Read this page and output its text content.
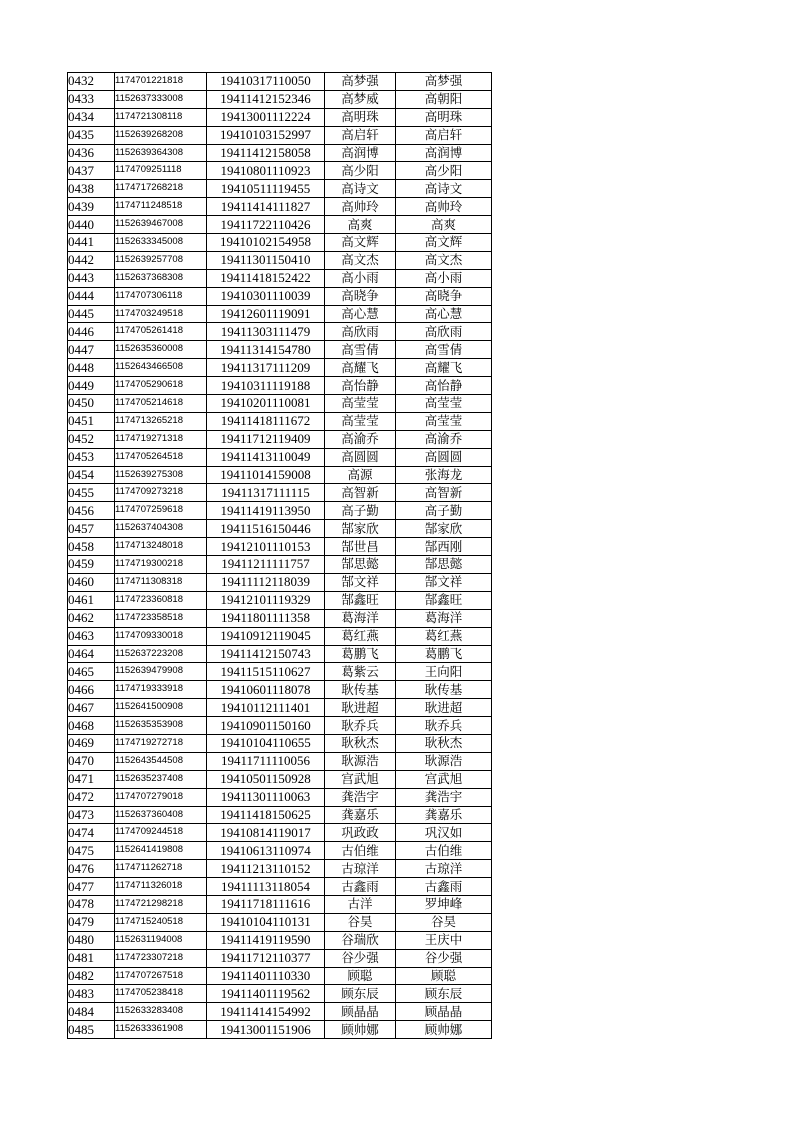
0432	1174701221818	19410317110050	高梦强	高梦强
0433	1152637333008	19411412152346	高梦威	高朝阳
0434	1174721308118	19413001112224	高明珠	高明珠
0435	1152639268208	19410103152997	高启轩	高启轩
0436	1152639364308	19411412158058	高润博	高润博
0437	1174709251118	19410801110923	高少阳	高少阳
0438	1174717268218	19410511119455	高诗文	高诗文
0439	1174711248518	19411414111827	高帅玲	高帅玲
0440	1152639467008	19411722110426	高爽	高爽
0441	1152633345008	19410102154958	高文辉	高文辉
0442	1152639257708	19411301150410	高文杰	高文杰
0443	1152637368308	19411418152422	高小雨	高小雨
0444	1174707306118	19410301110039	高晓争	高晓争
0445	1174703249518	19412601119091	高心慧	高心慧
0446	1174705261418	19411303111479	高欣雨	高欣雨
0447	1152635360008	19411314154780	高雪倩	高雪倩
0448	1152643466508	19411317111209	高耀飞	高耀飞
0449	1174705290618	19410311119188	高怡静	高怡静
0450	1174705214618	19410201110081	高莹莹	高莹莹
0451	1174713265218	19411418111672	高莹莹	高莹莹
0452	1174719271318	19411712119409	高渝乔	高渝乔
0453	1174705264518	19411413110049	高圆圆	高圆圆
0454	1152639275308	19411014159008	高源	张海龙
0455	1174709273218	19411317111115	高智新	高智新
0456	1174707259618	19411419113950	高子勤	高子勤
0457	1152637404308	19411516150446	郜家欣	郜家欣
0458	1174713248018	19412101110153	郜世昌	郜西刚
0459	1174719300218	19411211111757	郜思懿	郜思懿
0460	1174711308318	19411112118039	郜文祥	郜文祥
0461	1174723360818	19412101119329	郜鑫旺	郜鑫旺
0462	1174723358518	19411801111358	葛海洋	葛海洋
0463	1174709330018	19410912119045	葛红燕	葛红燕
0464	1152637223208	19411412150743	葛鹏飞	葛鹏飞
0465	1152639479908	19411515110627	葛紫云	王向阳
0466	1174719333918	19410601118078	耿传基	耿传基
0467	1152641500908	19410112111401	耿进超	耿进超
0468	1152635353908	19410901150160	耿乔兵	耿乔兵
0469	1174719272718	19410104110655	耿秋杰	耿秋杰
0470	1152643544508	19411711110056	耿源浩	耿源浩
0471	1152635237408	19410501150928	宫武旭	宫武旭
0472	1174707279018	19411301110063	龚浩宇	龚浩宇
0473	1152637360408	19411418150625	龚嘉乐	龚嘉乐
0474	1174709244518	19410814119017	巩政政	巩汉如
0475	1152641419808	19410613110974	古伯维	古伯维
0476	1174711262718	19411213110152	古琼洋	古琼洋
0477	1174711326018	19411113118054	古鑫雨	古鑫雨
0478	1174721298218	19411718111616	古洋	罗坤峰
0479	1174715240518	19410104110131	谷昊	谷昊
0480	1152631194008	19411419119590	谷瑞欣	王庆中
0481	1174723307218	19411712110377	谷少强	谷少强
0482	1174707267518	19411401110330	顾聪	顾聪
0483	1174705238418	19411401119562	顾东辰	顾东辰
0484	1152633283408	19411414154992	顾晶晶	顾晶晶
0485	1152633361908	19413001151906	顾帅娜	顾帅娜
